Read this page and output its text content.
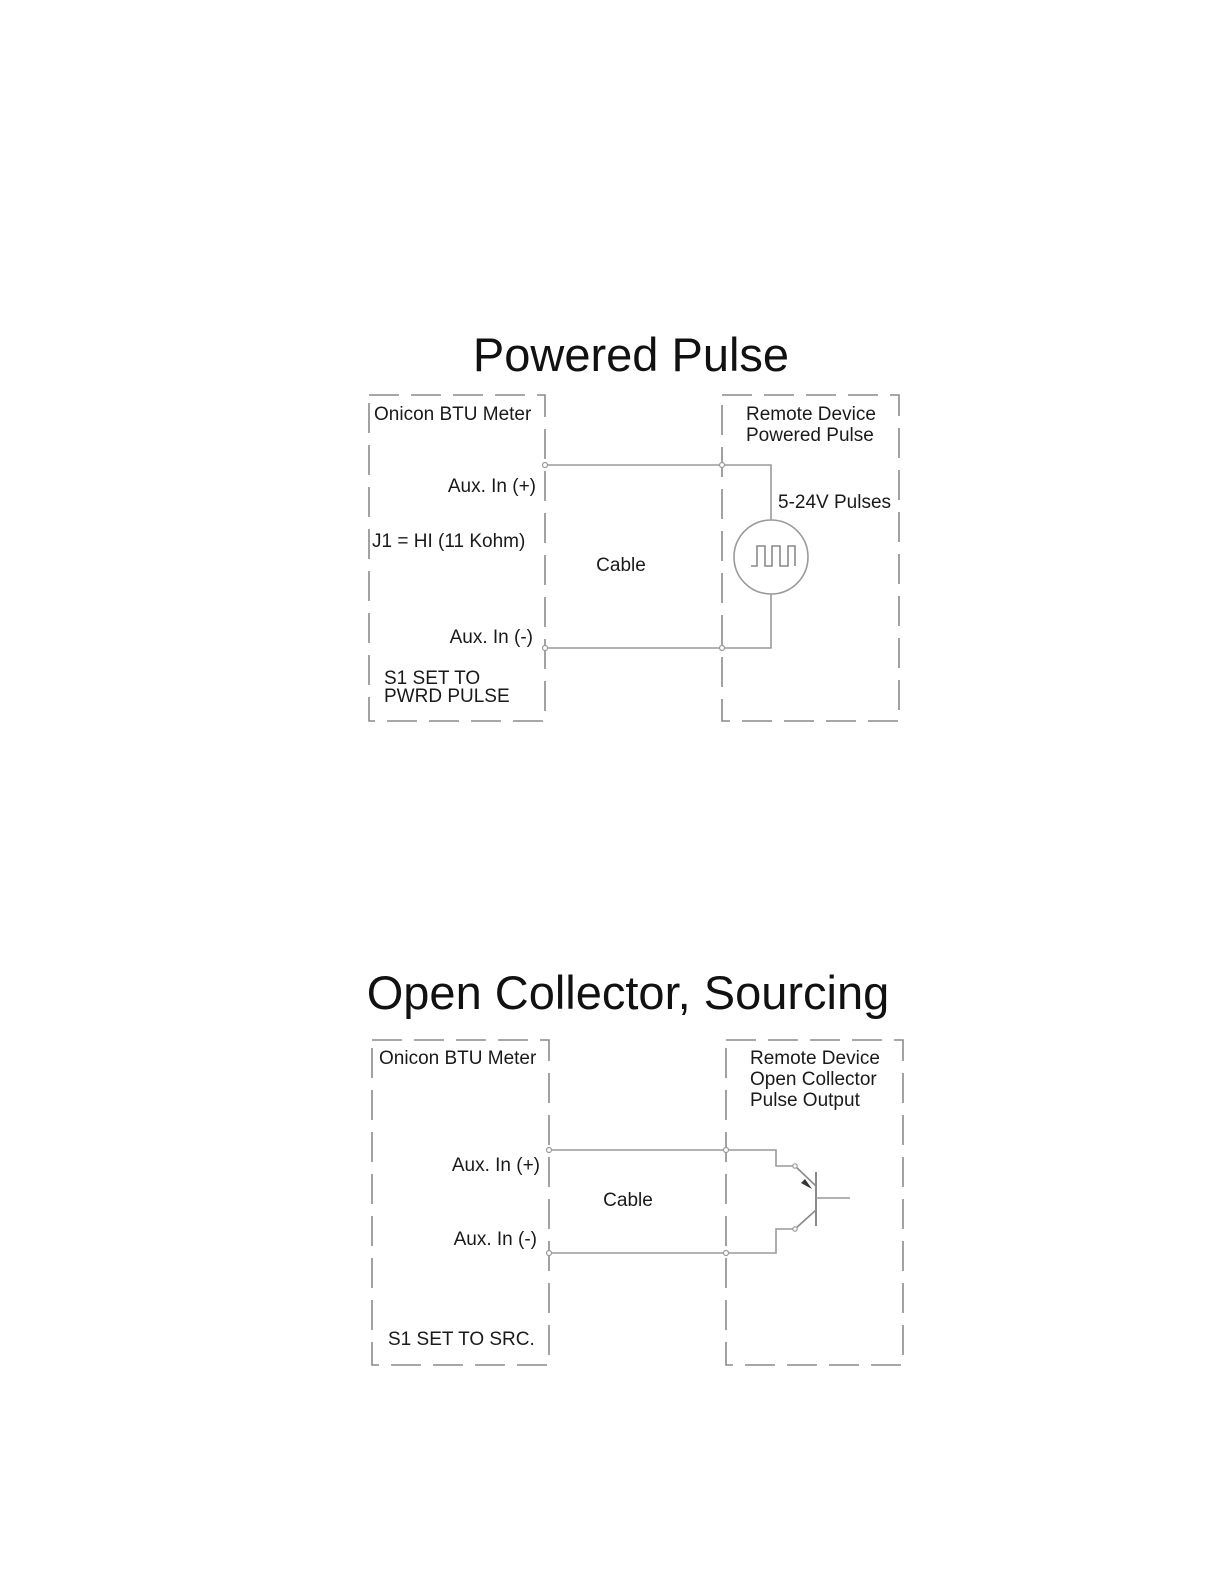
Powered Pulse
Onicon BTU Meter
Aux. In (+)
J1 = HI (11 Kohm)
Aux. In (-)
S1 SET TO
PWRD PULSE
Remote Device
Powered Pulse
5-24V Pulses
Cable
Open Collector, Sourcing
Onicon BTU Meter
Aux. In (+)
Aux. In (-)
S1 SET TO SRC.
Remote Device
Open Collector
Pulse Output
Cable
